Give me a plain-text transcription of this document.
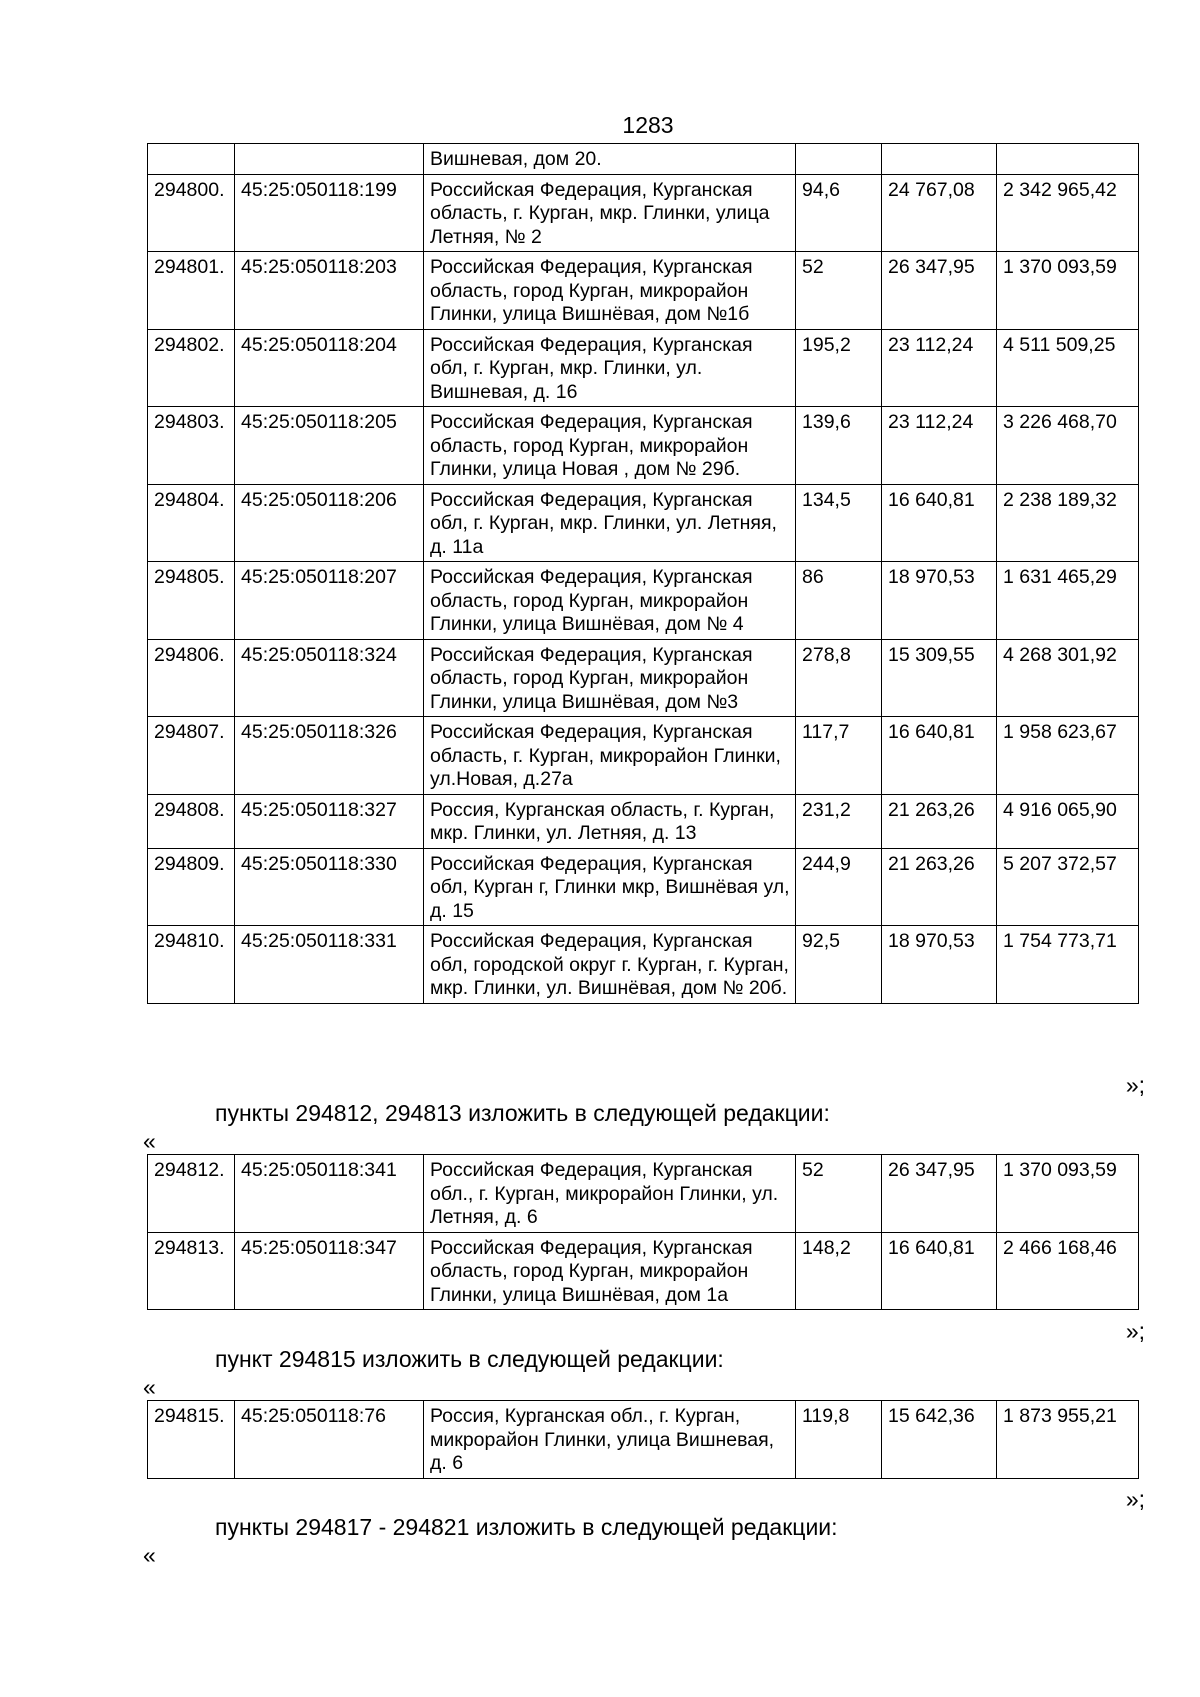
1283
		Вишневая, дом 20.			
294800.	45:25:050118:199	Российская Федерация, Курганская область, г. Курган, мкр. Глинки, улица Летняя, № 2	94,6	24 767,08	2 342 965,42
294801.	45:25:050118:203	Российская Федерация, Курганская область, город Курган, микрорайон Глинки, улица Вишнёвая, дом №1б	52	26 347,95	1 370 093,59
294802.	45:25:050118:204	Российская Федерация, Курганская обл, г. Курган, мкр. Глинки, ул. Вишневая, д. 16	195,2	23 112,24	4 511 509,25
294803.	45:25:050118:205	Российская Федерация, Курганская область, город Курган, микрорайон Глинки, улица Новая , дом № 29б.	139,6	23 112,24	3 226 468,70
294804.	45:25:050118:206	Российская Федерация, Курганская обл, г. Курган, мкр. Глинки, ул. Летняя, д. 11а	134,5	16 640,81	2 238 189,32
294805.	45:25:050118:207	Российская Федерация, Курганская область, город Курган, микрорайон Глинки, улица Вишнёвая, дом № 4	86	18 970,53	1 631 465,29
294806.	45:25:050118:324	Российская Федерация, Курганская область, город Курган, микрорайон Глинки, улица Вишнёвая, дом №3	278,8	15 309,55	4 268 301,92
294807.	45:25:050118:326	Российская Федерация, Курганская область, г. Курган, микрорайон Глинки, ул.Новая, д.27а	117,7	16 640,81	1 958 623,67
294808.	45:25:050118:327	Россия, Курганская область, г. Курган, мкр. Глинки, ул. Летняя, д. 13	231,2	21 263,26	4 916 065,90
294809.	45:25:050118:330	Российская Федерация, Курганская обл, Курган г, Глинки мкр, Вишнёвая ул, д. 15	244,9	21 263,26	5 207 372,57
294810.	45:25:050118:331	Российская Федерация, Курганская обл, городской округ г. Курган, г. Курган, мкр. Глинки, ул. Вишнёвая, дом № 20б.	92,5	18 970,53	1 754 773,71
»;
пункты 294812, 294813 изложить в следующей редакции:
«
294812.	45:25:050118:341	Российская Федерация, Курганская обл., г. Курган, микрорайон Глинки, ул. Летняя, д. 6	52	26 347,95	1 370 093,59
294813.	45:25:050118:347	Российская Федерация, Курганская область, город Курган, микрорайон Глинки, улица Вишнёвая, дом 1а	148,2	16 640,81	2 466 168,46
»;
пункт 294815 изложить в следующей редакции:
«
294815.	45:25:050118:76	Россия, Курганская обл., г. Курган, микрорайон Глинки, улица Вишневая, д. 6	119,8	15 642,36	1 873 955,21
»;
пункты 294817 - 294821 изложить в следующей редакции:
«
